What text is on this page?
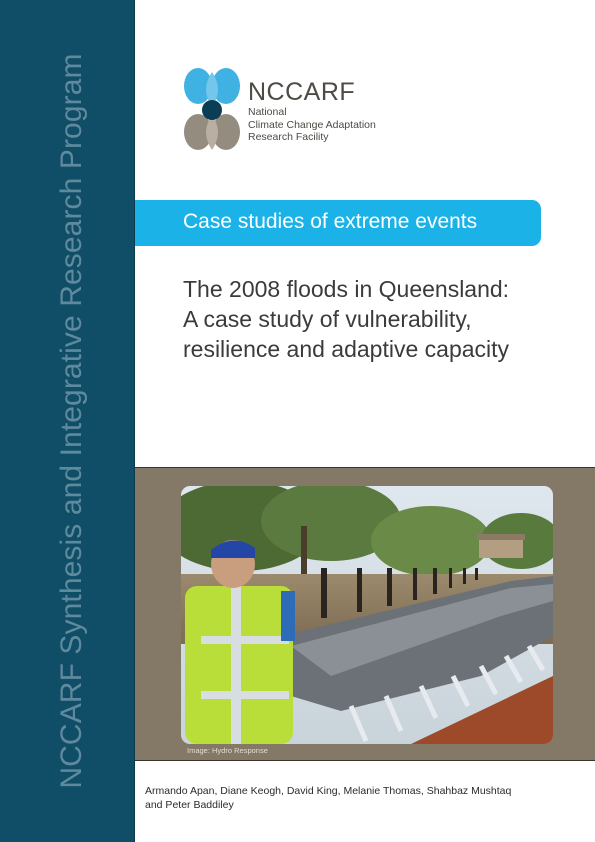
NCCARF Synthesis and Integrative Research Program	NCCARF
National
Climate Change Adaptation
Research Facility
Case studies of extreme events
The 2008 floods in Queensland:
A case study of vulnerability,
resilience and adaptive capacity
Image: Hydro Response
Armando Apan, Diane Keogh, David King, Melanie Thomas, Shahbaz Mushtaq
and Peter Baddiley
